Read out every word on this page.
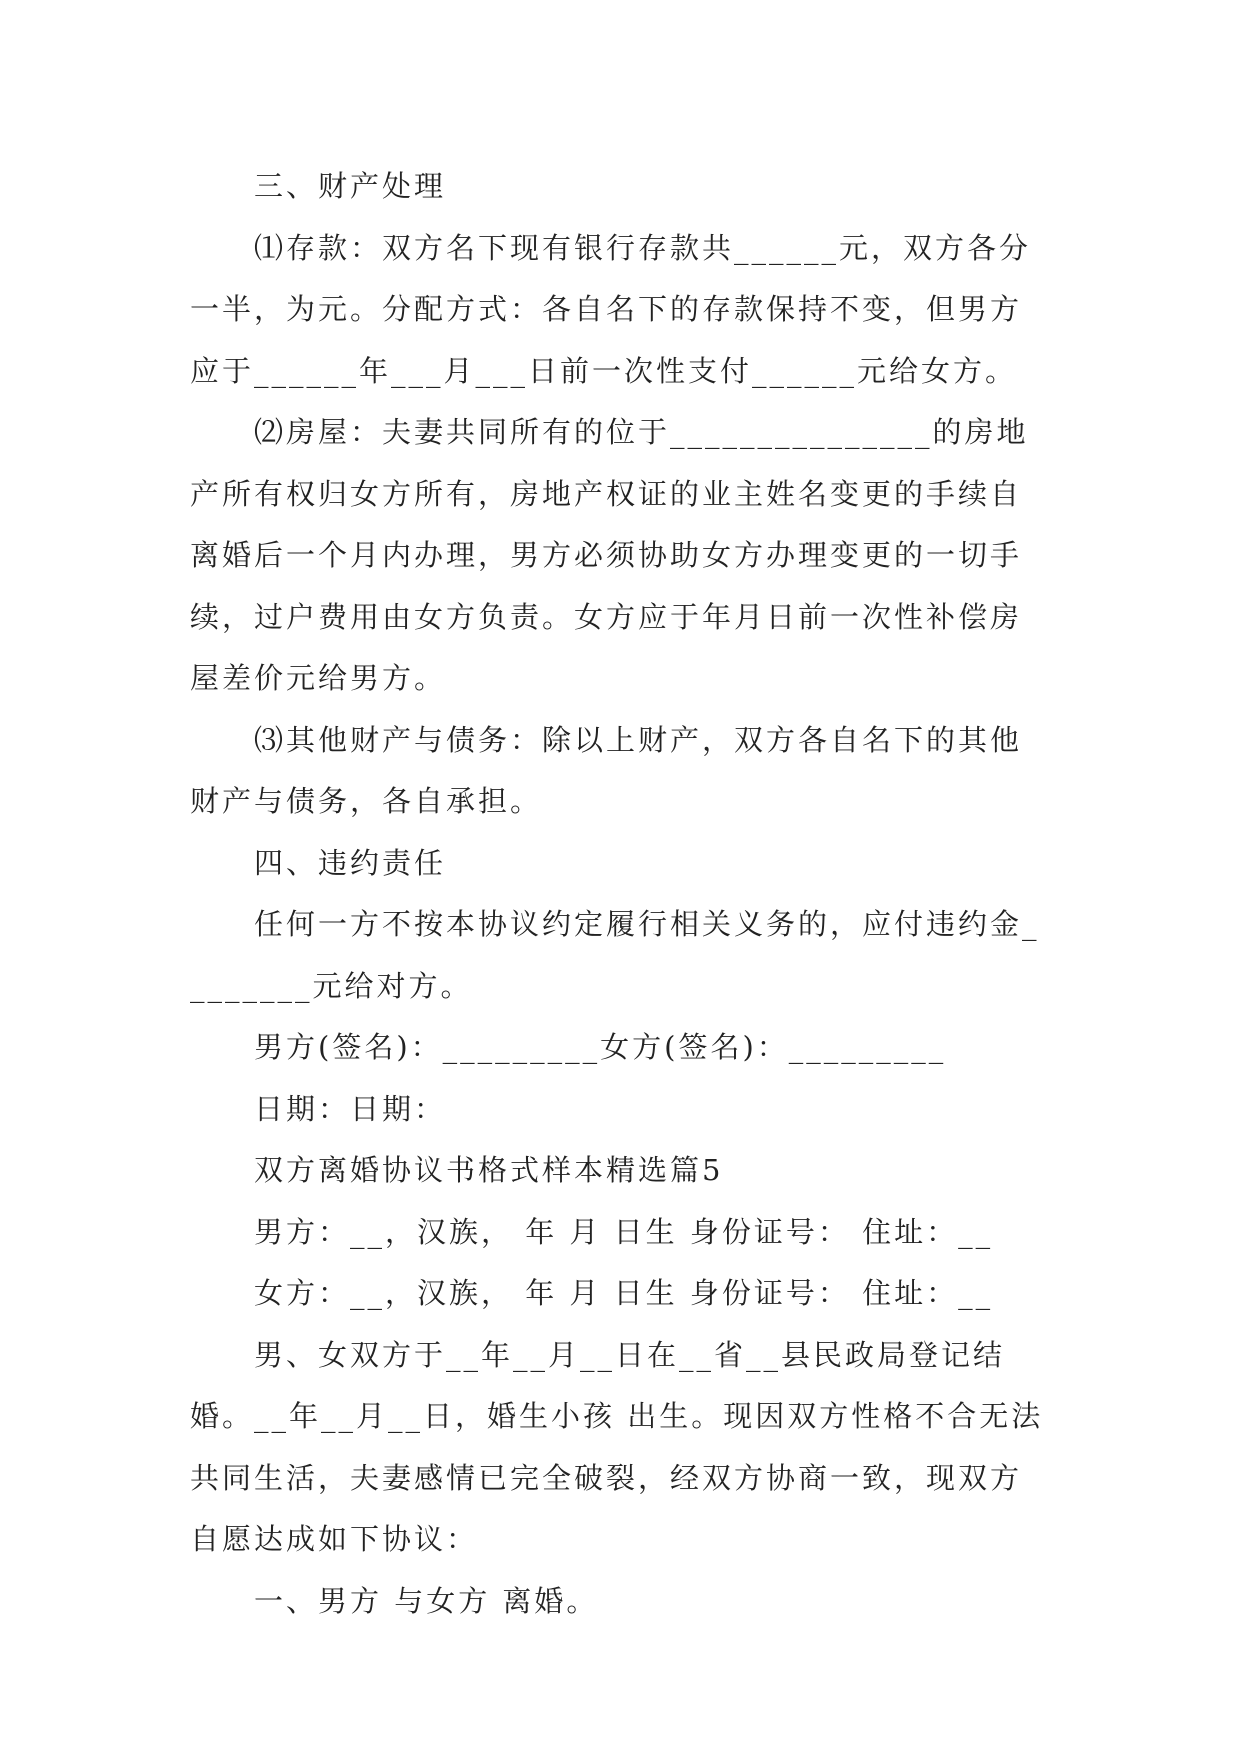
三、财产处理

⑴存款：双方名下现有银行存款共______元，双方各分一半，为元。分配方式：各自名下的存款保持不变，但男方应于______年___月___日前一次性支付______元给女方。

⑵房屋：夫妻共同所有的位于_______________的房地产所有权归女方所有，房地产权证的业主姓名变更的手续自离婚后一个月内办理，男方必须协助女方办理变更的一切手续，过户费用由女方负责。女方应于年月日前一次性补偿房屋差价元给男方。

⑶其他财产与债务：除以上财产，双方各自名下的其他财产与债务，各自承担。

四、违约责任

任何一方不按本协议约定履行相关义务的，应付违约金________元给对方。

男方(签名)：_________女方(签名)：_________

日期：日期：

双方离婚协议书格式样本精选篇5

男方：__，汉族， 年 月 日生 身份证号： 住址：__

女方：__，汉族， 年 月 日生 身份证号： 住址：__

男、女双方于__年__月__日在__省__县民政局登记结婚。__年__月__日，婚生小孩 出生。现因双方性格不合无法共同生活，夫妻感情已完全破裂，经双方协商一致，现双方自愿达成如下协议：

一、男方 与女方 离婚。
